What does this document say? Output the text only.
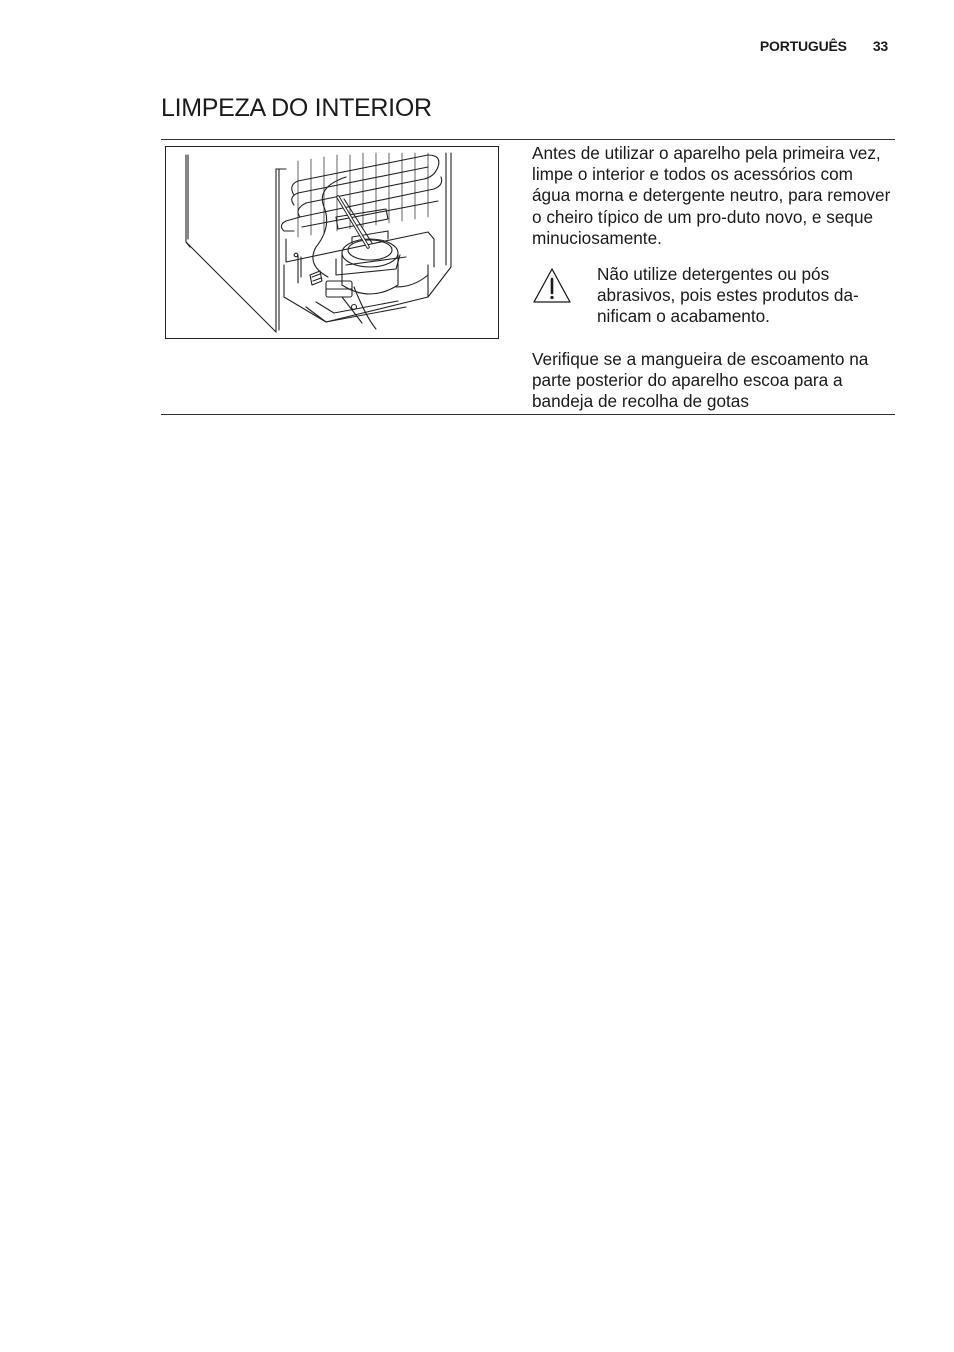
PORTUGUÊS 33
LIMPEZA DO INTERIOR

Antes de utilizar o aparelho pela primeira vez, limpe o interior e todos os acessórios com água morna e detergente neutro, para remover o cheiro típico de um pro-duto novo, e seque minuciosamente.

Não utilize detergentes ou pós abrasivos, pois estes produtos da-nificam o acabamento.

Verifique se a mangueira de escoamento na parte posterior do aparelho escoa para a bandeja de recolha de gotas
